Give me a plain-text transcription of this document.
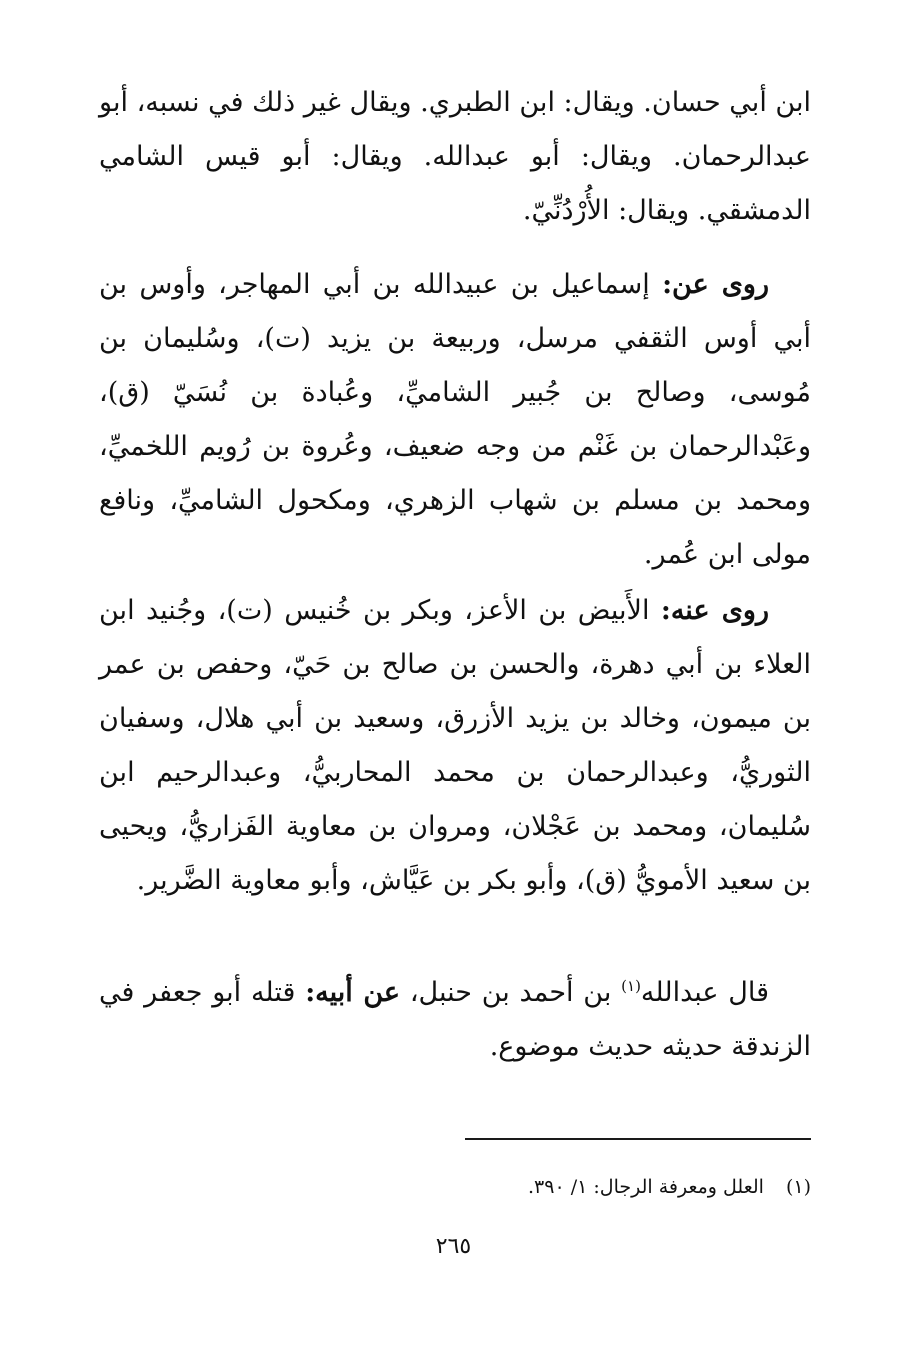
ابن أبي حسان. ويقال: ابن الطبري. ويقال غير ذلك في نسبه، أبو عبدالرحمان. ويقال: أبو عبدالله. ويقال: أبو قيس الشامي الدمشقي. ويقال: الأُرْدُنِّيّ.

روى عن: إسماعيل بن عبيدالله بن أبي المهاجر، وأوس بن أبي أوس الثقفي مرسل، وربيعة بن يزيد (ت)، وسُليمان بن مُوسى، وصالح بن جُبير الشاميِّ، وعُبادة بن نُسَيّ (ق)، وعَبْدالرحمان بن غَنْم من وجه ضعيف، وعُروة بن رُويم اللخميِّ، ومحمد بن مسلم بن شهاب الزهري، ومكحول الشاميِّ، ونافع مولى ابن عُمر.

روى عنه: الأَبيض بن الأعز، وبكر بن خُنيس (ت)، وجُنيد ابن العلاء بن أبي دهرة، والحسن بن صالح بن حَيّ، وحفص بن عمر بن ميمون، وخالد بن يزيد الأزرق، وسعيد بن أبي هلال، وسفيان الثوريُّ، وعبدالرحمان بن محمد المحاربيُّ، وعبدالرحيم ابن سُليمان، ومحمد بن عَجْلان، ومروان بن معاوية الفَزاريُّ، ويحيى بن سعيد الأمويُّ (ق)، وأبو بكر بن عَيَّاش، وأبو معاوية الضَّرير.

قال عبدالله$^{(١)}$ بن أحمد بن حنبل، عن أبيه: قتله أبو جعفر في الزندقة حديثه حديث موضوع.

(١)العلل ومعرفة الرجال: ١/ ٣٩٠.
٢٦٥
